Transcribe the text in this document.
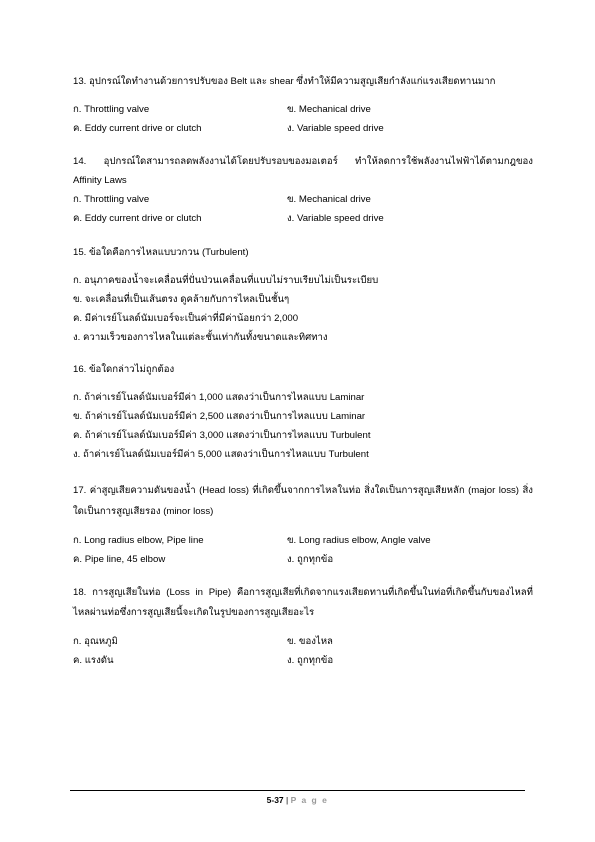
13. อุปกรณ์ใดทำงานด้วยการปรับของ Belt และ shear ซึ่งทำให้มีความสูญเสียกำลังแก่แรงเสียดทานมาก
ก. Throttling valve	ข. Mechanical drive
ค. Eddy current drive or clutch	ง. Variable speed drive
14. อุปกรณ์ใดสามารถลดพลังงานได้โดยปรับรอบของมอเตอร์ ทำให้ลดการใช้พลังงานไฟฟ้าได้ตามกฎของ Affinity Laws
ก. Throttling valve	ข. Mechanical drive
ค. Eddy current drive or clutch	ง. Variable speed drive
15. ข้อใดคือการไหลแบบวกวน (Turbulent)
ก. อนุภาคของน้ำจะเคลื่อนที่ปั่นป่วนเคลื่อนที่แบบไม่ราบเรียบไม่เป็นระเบียบ
ข. จะเคลื่อนที่เป็นเส้นตรง ดูคล้ายกับการไหลเป็นชั้นๆ
ค. มีค่าเรย์โนลด์นัมเบอร์จะเป็นค่าที่มีค่าน้อยกว่า 2,000
ง. ความเร็วของการไหลในแต่ละชั้นเท่ากันทั้งขนาดและทิศทาง
16. ข้อใดกล่าวไม่ถูกต้อง
ก. ถ้าค่าเรย์โนลด์นัมเบอร์มีค่า 1,000 แสดงว่าเป็นการไหลแบบ Laminar
ข. ถ้าค่าเรย์โนลด์นัมเบอร์มีค่า 2,500 แสดงว่าเป็นการไหลแบบ Laminar
ค. ถ้าค่าเรย์โนลด์นัมเบอร์มีค่า 3,000 แสดงว่าเป็นการไหลแบบ Turbulent
ง. ถ้าค่าเรย์โนลด์นัมเบอร์มีค่า 5,000 แสดงว่าเป็นการไหลแบบ Turbulent
17. ค่าสูญเสียความดันของน้ำ (Head loss) ที่เกิดขึ้นจากการไหลในท่อ สิ่งใดเป็นการสูญเสียหลัก (major loss) สิ่งใดเป็นการสูญเสียรอง (minor loss)
ก. Long radius elbow, Pipe line	ข. Long radius elbow, Angle valve
ค. Pipe line, 45 elbow	ง. ถูกทุกข้อ
18. การสูญเสียในท่อ (Loss in Pipe) คือการสูญเสียที่เกิดจากแรงเสียดทานที่เกิดขึ้นในท่อที่เกิดขึ้นกับของไหลที่ไหลผ่านท่อซึ่งการสูญเสียนี้จะเกิดในรูปของการสูญเสียอะไร
ก. อุณหภูมิ	ข. ของไหล
ค. แรงดัน	ง. ถูกทุกข้อ
5-37 | P a g e
